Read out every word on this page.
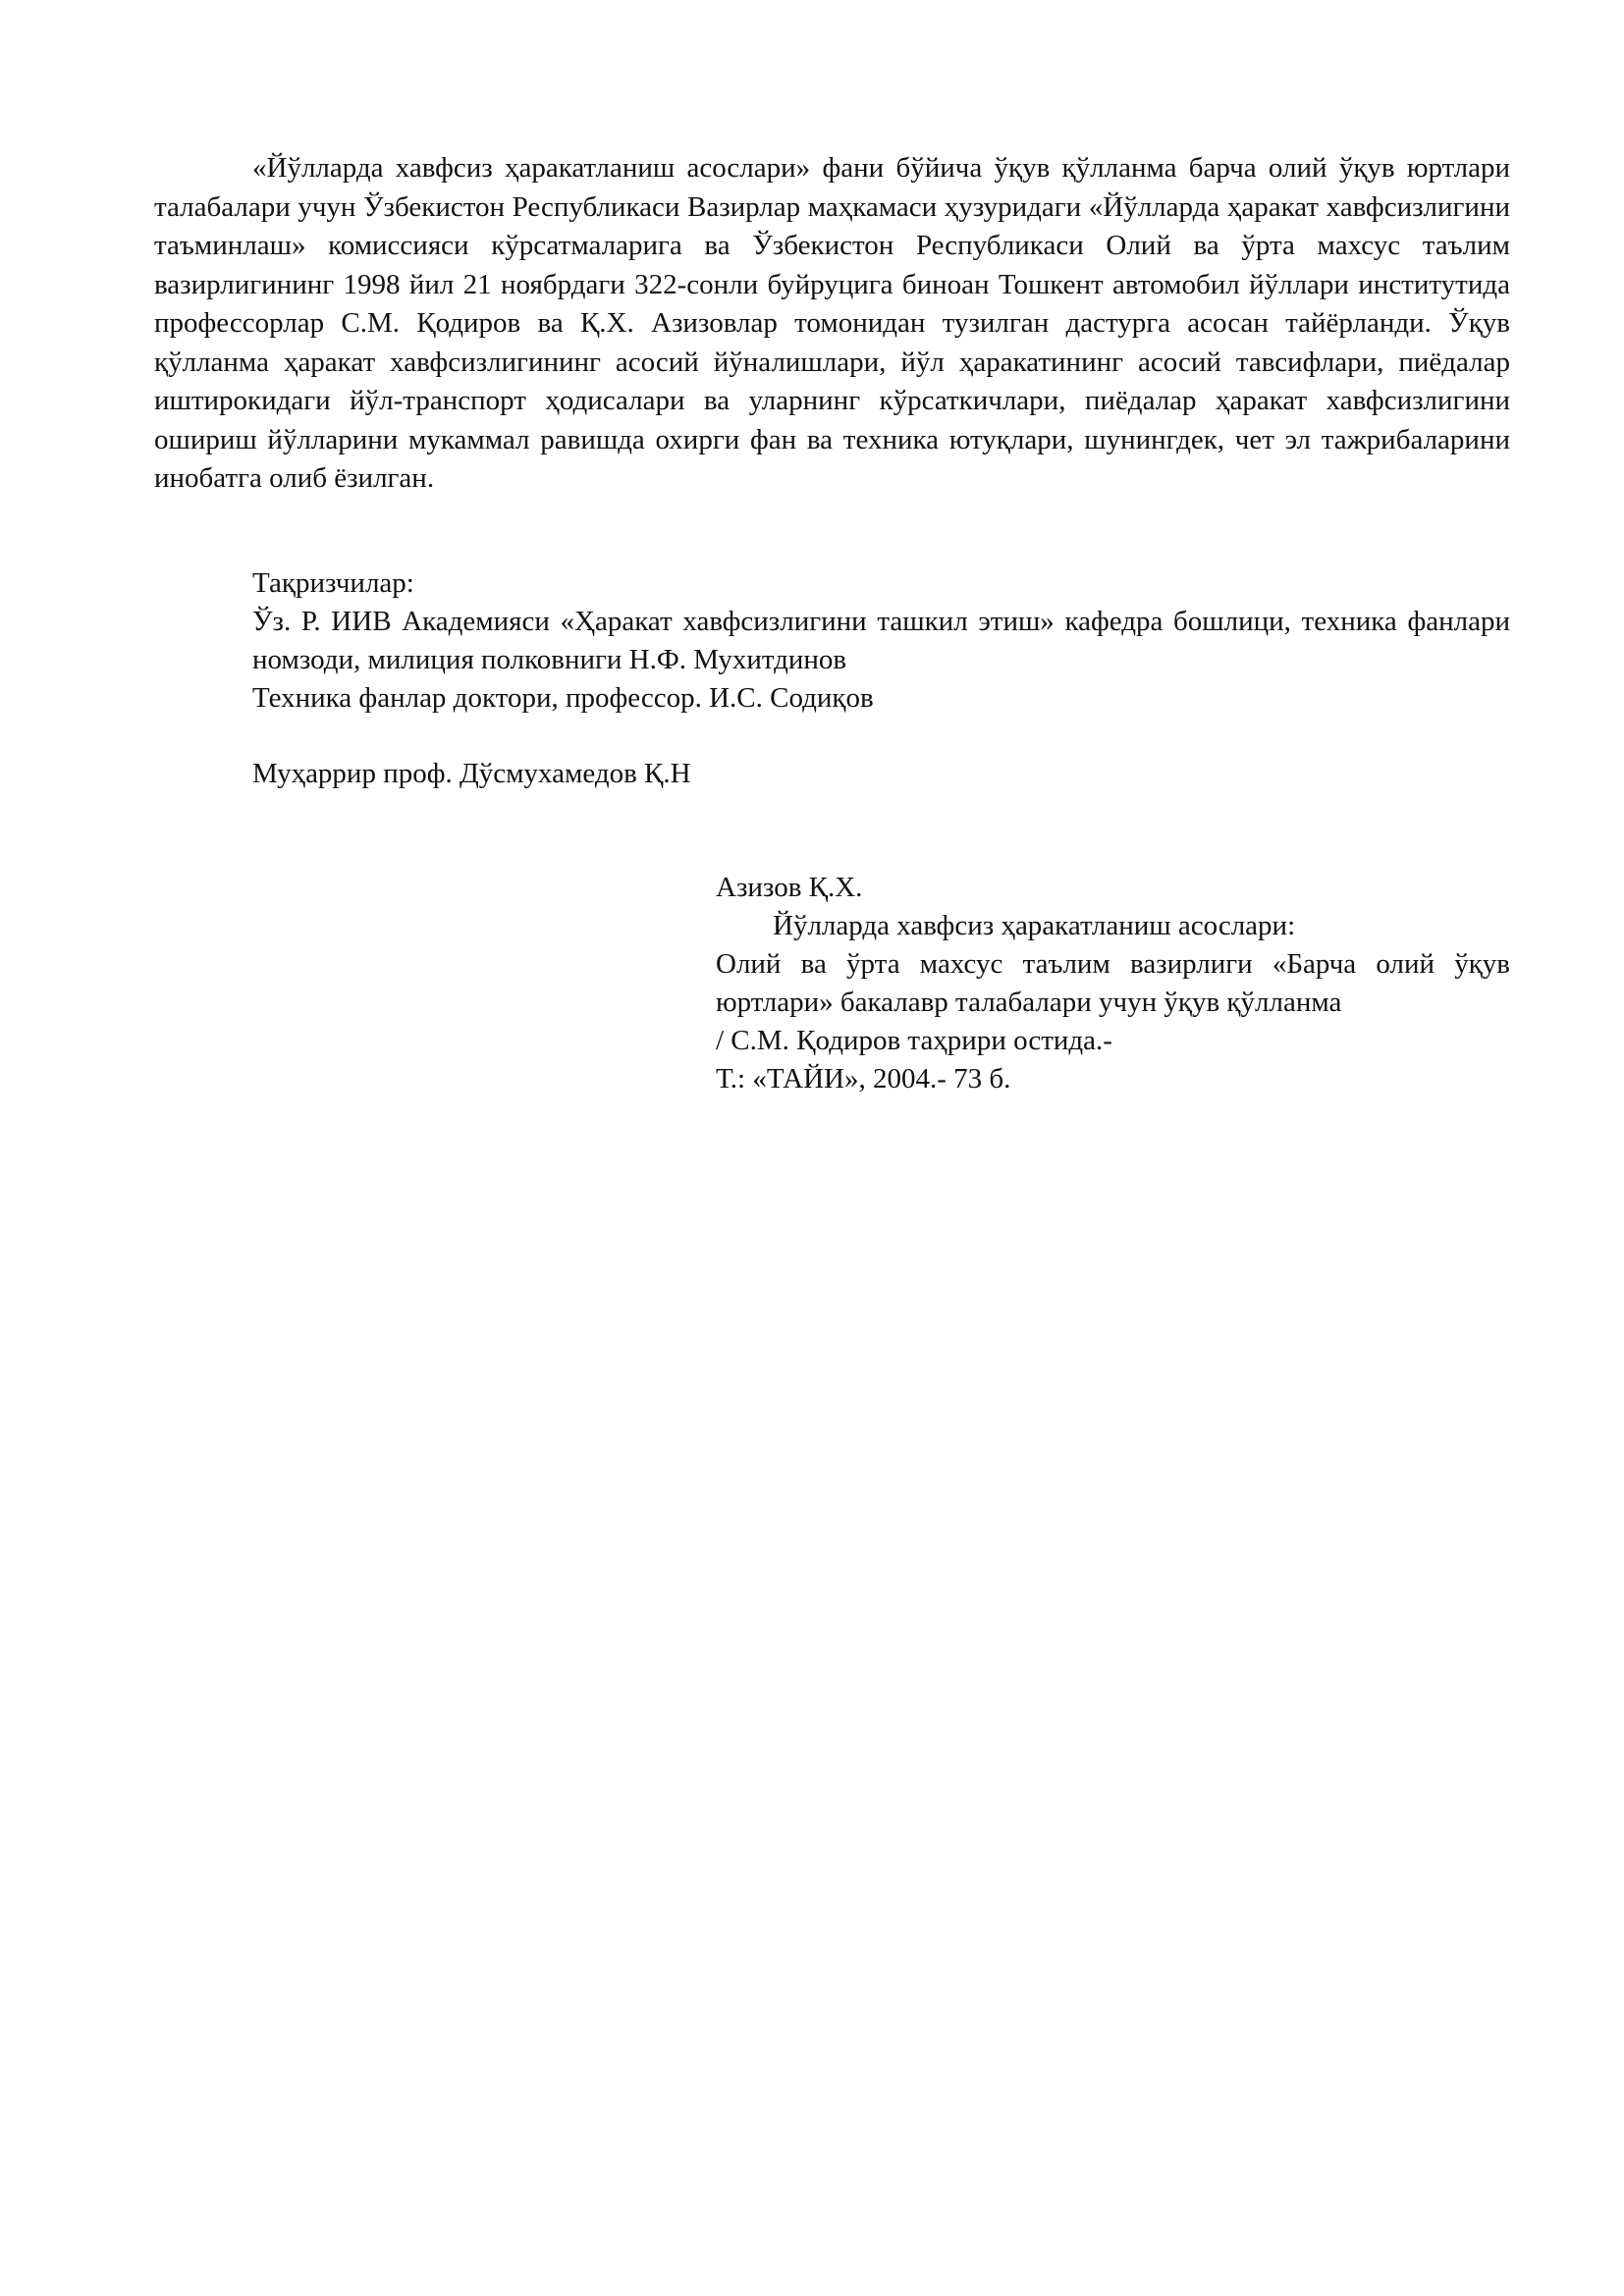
«Йўлларда хавфсиз ҳаракатланиш асослари» фани бўйича ўқув қўлланма барча олий ўқув юртлари талабалари учун Ўзбекистон Республикаси Вазирлар маҳкамаси ҳузуридаги «Йўлларда ҳаракат хавфсизлигини таъминлаш» комиссияси кўрсатмаларига ва Ўзбекистон Республикаси Олий ва ўрта махсус таълим вазирлигининг 1998 йил 21 ноябрдаги 322-сонли буйруцига биноан Тошкент автомобил йўллари институтида профессорлар С.М. Қодиров ва Қ.Х. Азизовлар томонидан тузилган дастурга асосан тайёрланди. Ўқув қўлланма ҳаракат хавфсизлигининг асосий йўналишлари, йўл ҳаракатининг асосий тавсифлари, пиёдалар иштирокидаги йўл-транспорт ҳодисалари ва уларнинг кўрсаткичлари, пиёдалар ҳаракат хавфсизлигини ошириш йўлларини мукаммал равишда охирги фан ва техника ютуқлари, шунингдек, чет эл тажрибаларини инобатга олиб ёзилган.

Тақризчилар:

Ўз. Р. ИИВ Академияси «Ҳаракат хавфсизлигини ташкил этиш» кафедра бошлици, техника фанлари номзоди, милиция полковниги Н.Ф. Мухитдинов

Техника фанлар доктори, профессор. И.С. Содиқов

Муҳаррир проф. Дўсмухамедов Қ.Н

Азизов Қ.Х.

Йўлларда хавфсиз ҳаракатланиш асослари:

Олий ва ўрта махсус таълим вазирлиги «Барча олий ўқув юртлари» бакалавр талабалари учун ўқув қўлланма

/ С.М. Қодиров таҳрири остида.-

Т.: «ТАЙИ», 2004.- 73 б.
